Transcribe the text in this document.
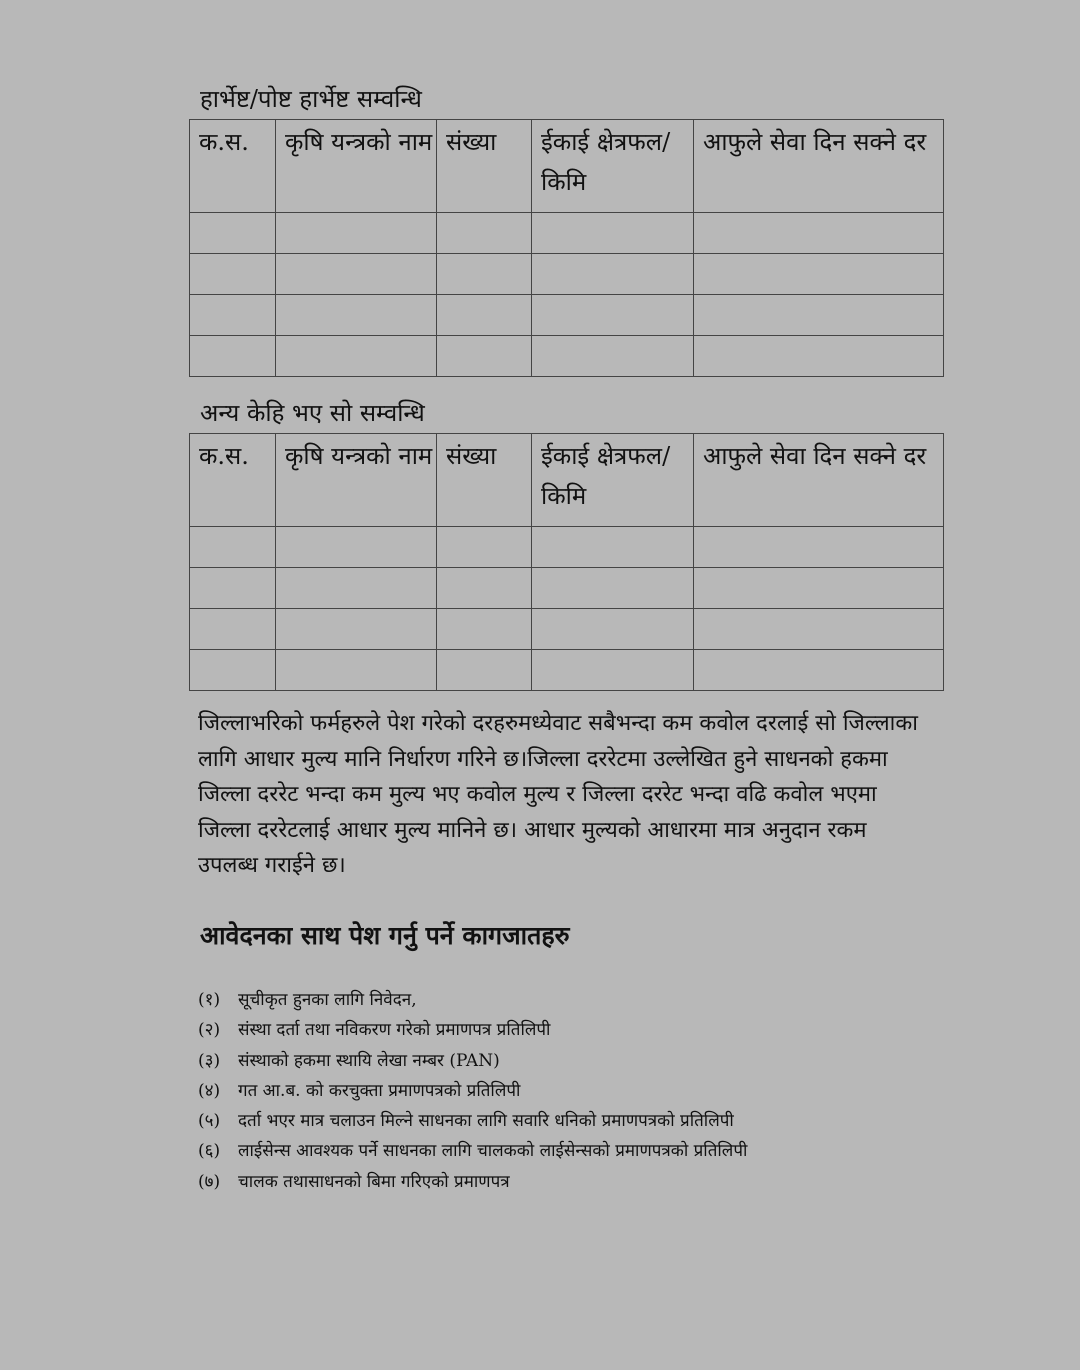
हार्भेष्ट/पोष्ट हार्भेष्ट सम्वन्धि
क.स.	कृषि यन्त्रको नाम	संख्या	ईकाई क्षेत्रफल/किमि	आफुले सेवा दिन सक्ने दर

अन्य केहि भए सो सम्वन्धि
क.स.	कृषि यन्त्रको नाम	संख्या	ईकाई क्षेत्रफल/किमि	आफुले सेवा दिन सक्ने दर

जिल्लाभरिको फर्महरुले पेश गरेको दरहरुमध्येवाट सबैभन्दा कम कवोल दरलाई सो जिल्लाका
लागि आधार मुल्य मानि निर्धारण गरिने छ।जिल्ला दररेटमा उल्लेखित हुने साधनको हकमा
जिल्ला दररेट भन्दा कम मुल्य भए कवोल मुल्य र जिल्ला दररेट भन्दा वढि कवोल भएमा
जिल्ला दररेटलाई आधार मुल्य मानिने छ। आधार मुल्यको आधारमा मात्र अनुदान रकम
उपलब्ध गराईने छ।
आवेदनका साथ पेश गर्नु पर्ने कागजातहरु
(१) सूचीकृत हुनका लागि निवेदन,
(२) संस्था दर्ता तथा नविकरण गरेको प्रमाणपत्र प्रतिलिपी
(३) संस्थाको हकमा स्थायि लेखा नम्बर (PAN)
(४) गत आ.ब. को करचुक्ता प्रमाणपत्रको प्रतिलिपी
(५) दर्ता भएर मात्र चलाउन मिल्ने साधनका लागि सवारि धनिको प्रमाणपत्रको प्रतिलिपी
(६) लाईसेन्स आवश्यक पर्ने साधनका लागि चालकको लाईसेन्सको प्रमाणपत्रको प्रतिलिपी
(७) चालक तथासाधनको बिमा गरिएको प्रमाणपत्र
